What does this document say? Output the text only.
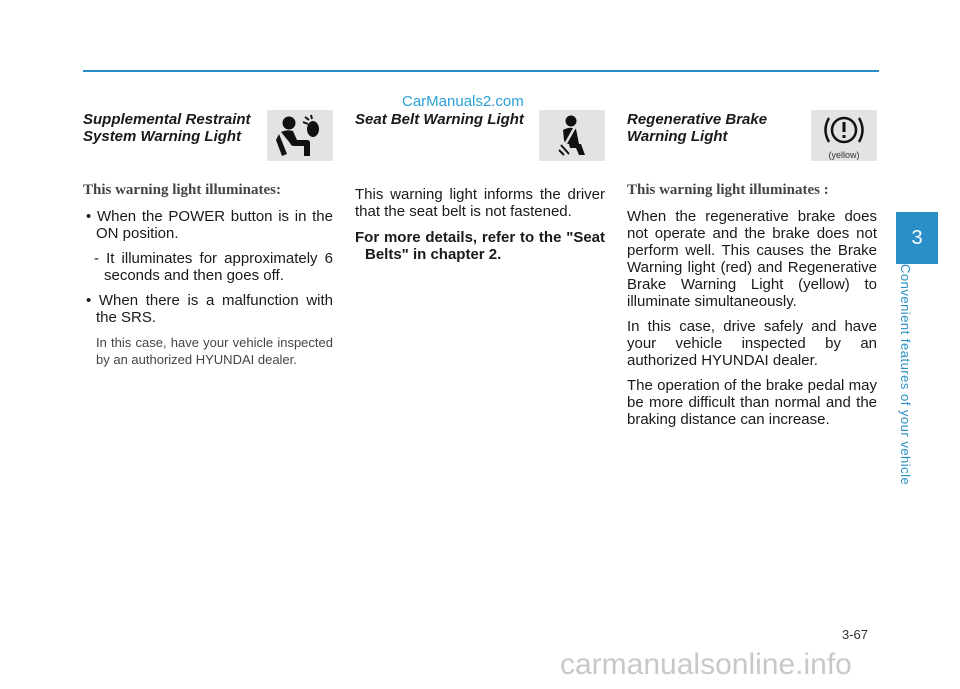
CarManuals2.com
Supplemental Restraint
System Warning Light
This warning light illuminates:
• When the POWER button is in the ON position.
- It illuminates for approximately 6 seconds and then goes off.
• When there is a malfunction with the SRS.
In this case, have your vehicle inspected by an authorized HYUNDAI dealer.
Seat Belt Warning Light

This warning light informs the driver that the seat belt is not fastened.

For more details, refer to the "Seat Belts" in chapter 2.

Regenerative Brake
Warning Light
(yellow)
This warning light illuminates :

When the regenerative brake does not operate and the brake does not perform well. This causes the Brake Warning light (red) and Regenerative Brake Warning Light (yellow) to illuminate simultaneously.

In this case, drive safely and have your vehicle inspected by an authorized HYUNDAI dealer.

The operation of the brake pedal may be more difficult than normal and the braking distance can increase.

3
Convenient features of your vehicle
3-67
carmanualsonline.info
